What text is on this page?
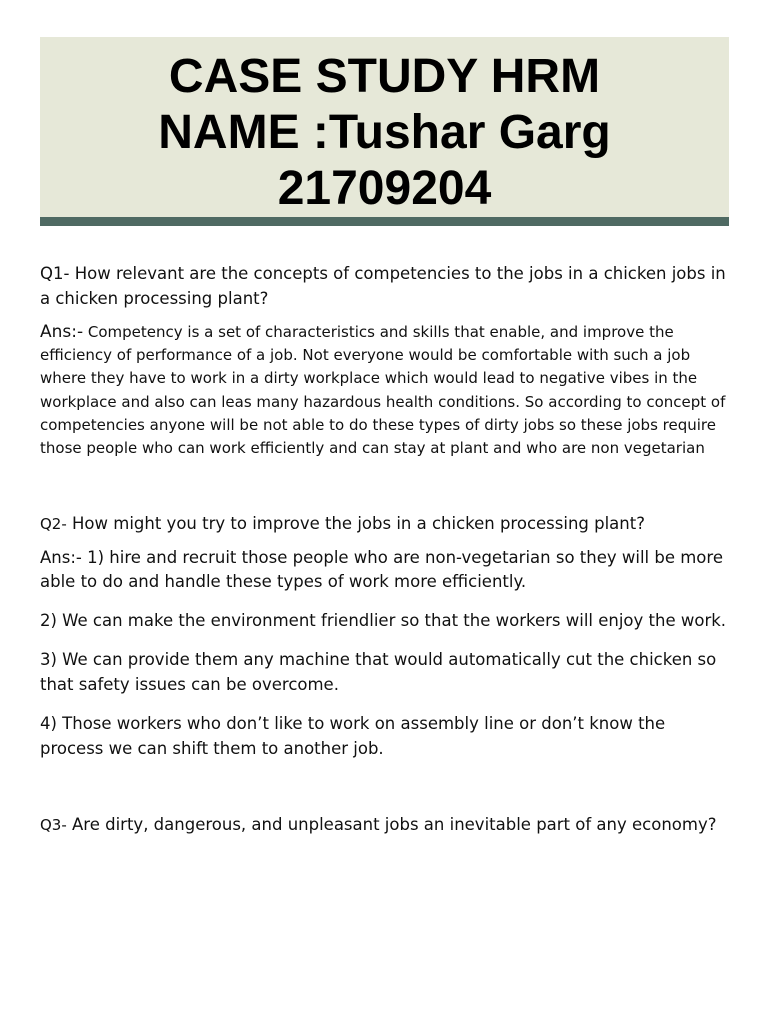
CASE STUDY HRM
NAME :Tushar Garg
21709204

Q1- How relevant are the concepts of competencies to the jobs in a chicken jobs in a chicken processing plant?

Ans:- Competency is a set of characteristics and skills that enable, and improve the efficiency of performance of a job. Not everyone would be comfortable with such a job where they have to work in a dirty workplace which would lead to negative vibes in the workplace and also can leas many hazardous health conditions. So according to concept of competencies anyone will be not able to do these types of dirty jobs so these jobs require those people who can work efficiently and can stay at plant and who are non vegetarian

Q2- How might you try to improve the jobs in a chicken processing plant?

Ans:- 1) hire and recruit those people who are non-vegetarian so they will be more able to do and handle these types of work more efficiently.

2) We can make the environment friendlier so that the workers will enjoy the work.

3) We can provide them any machine that would automatically cut the chicken so that safety issues can be overcome.

4) Those workers who don’t like to work on assembly line or don’t know the process we can shift them to another job.

Q3- Are dirty, dangerous, and unpleasant jobs an inevitable part of any economy?
